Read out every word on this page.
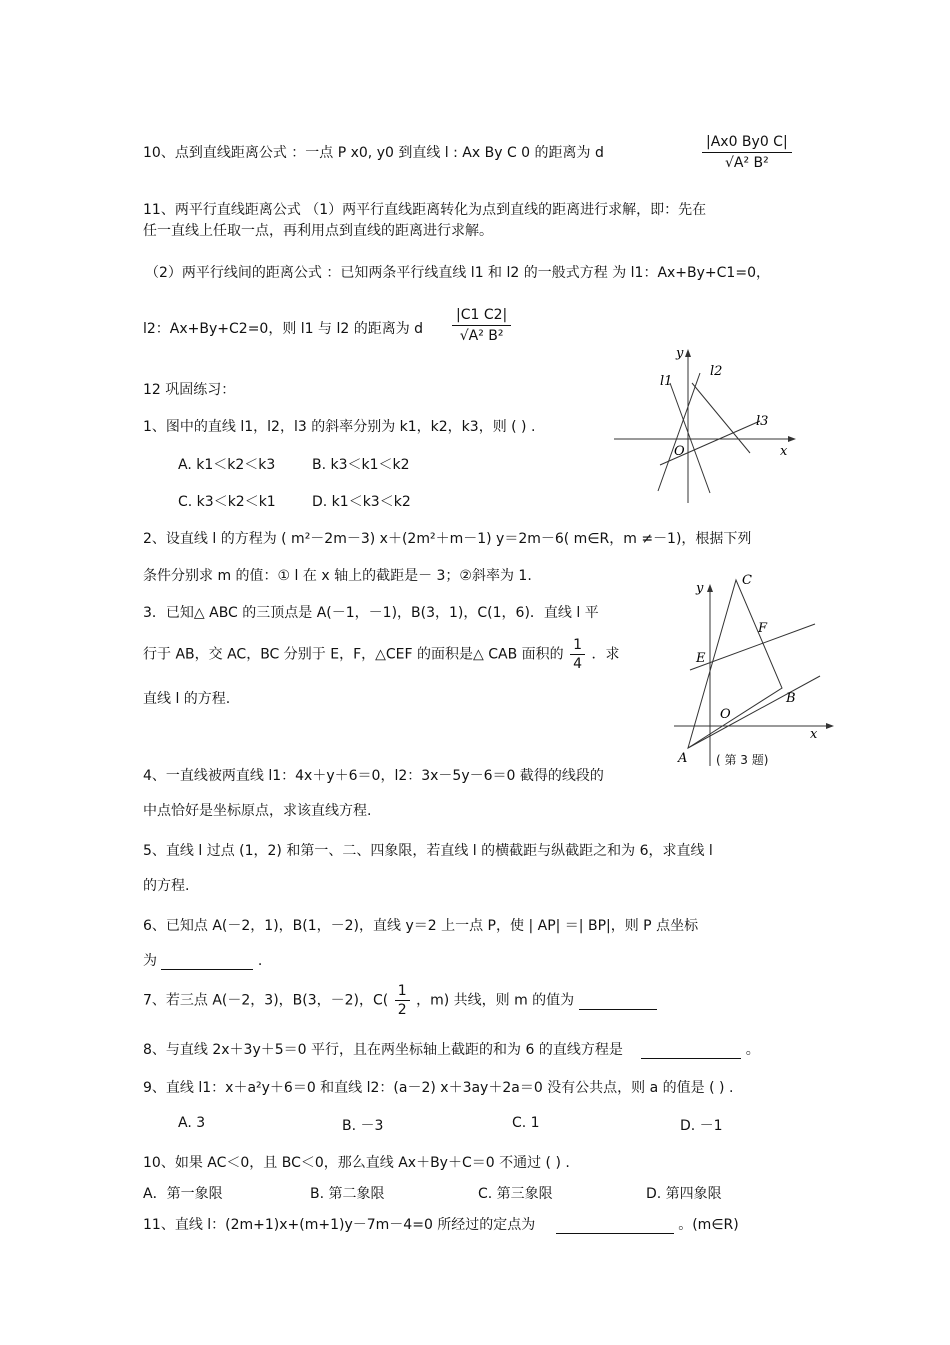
10、点到直线距离公式 ：一点 P x0, y0 到直线 l : Ax By C 0 的距离为 d	$\frac{|Ax0 By0 C|}{\text{√A² B²}}$
11、两平行直线距离公式 （1）两平行直线距离转化为点到直线的距离进行求解，即：先在
任一直线上任取一点，再利用点到直线的距离进行求解。
（2）两平行线间的距离公式 ：已知两条平行线直线 l1 和 l2 的一般式方程 为 l1：Ax+By+C1=0，
l2：Ax+By+C2=0，则 l1 与 l2 的距离为 d $\frac{|C1 C2|}{\text{√A² B²}}$
12 巩固练习：
1、图中的直线 l1，l2，l3 的斜率分别为 k1，k2，k3，则 ( ) .
A. k1＜k2＜k3	B. k3＜k1＜k2
C. k3＜k2＜k1	D. k1＜k3＜k2
y
x
O
l1
l2
l3
2、设直线 l 的方程为 ( m²－2m－3) x＋(2m²＋m－1) y＝2m－6( m∈R，m ≠－1)，根据下列
条件分别求 m 的值：① l 在 x 轴上的截距是－ 3；②斜率为 1.
3．已知△ ABC 的三顶点是 A(－1，－1)，B(3，1)，C(1，6)．直线 l 平
行于 AB，交 AC，BC 分别于 E，F，△CEF 的面积是△ CAB 面积的 $\frac{1}{4}$ ．求
直线 l 的方程.
y
x
O
A
B
C
E
F
( 第 3 题)
4、一直线被两直线 l1：4x＋y＋6＝0，l2：3x－5y－6＝0 截得的线段的
中点恰好是坐标原点，求该直线方程.
5、直线 l 过点 (1，2) 和第一、二、四象限，若直线 l 的横截距与纵截距之和为 6，求直线 l
的方程.
6、已知点 A(－2，1)，B(1，－2)，直线 y＝2 上一点 P，使 | AP| ＝| BP|，则 P 点坐标
为	.
7、若三点 A(－2，3)，B(3，－2)，$C( \frac{1}{2}$ ，m) 共线，则 m 的值为
8、与直线 2x＋3y＋5＝0 平行，且在两坐标轴上截距的和为 6 的直线方程是	。
9、直线 l1：x＋a²y＋6＝0 和直线 l2：(a－2) x＋3ay＋2a＝0 没有公共点，则 a 的值是 ( ) .
A. 3	B. －3	C. 1	D. －1
10、如果 AC＜0，且 BC＜0，那么直线 Ax＋By＋C＝0 不通过 ( ) .
A．第一象限	B. 第二象限	C. 第三象限	D. 第四象限
11、直线 l：(2m+1)x+(m+1)y－7m－4=0 所经过的定点为	。(m∈R)
